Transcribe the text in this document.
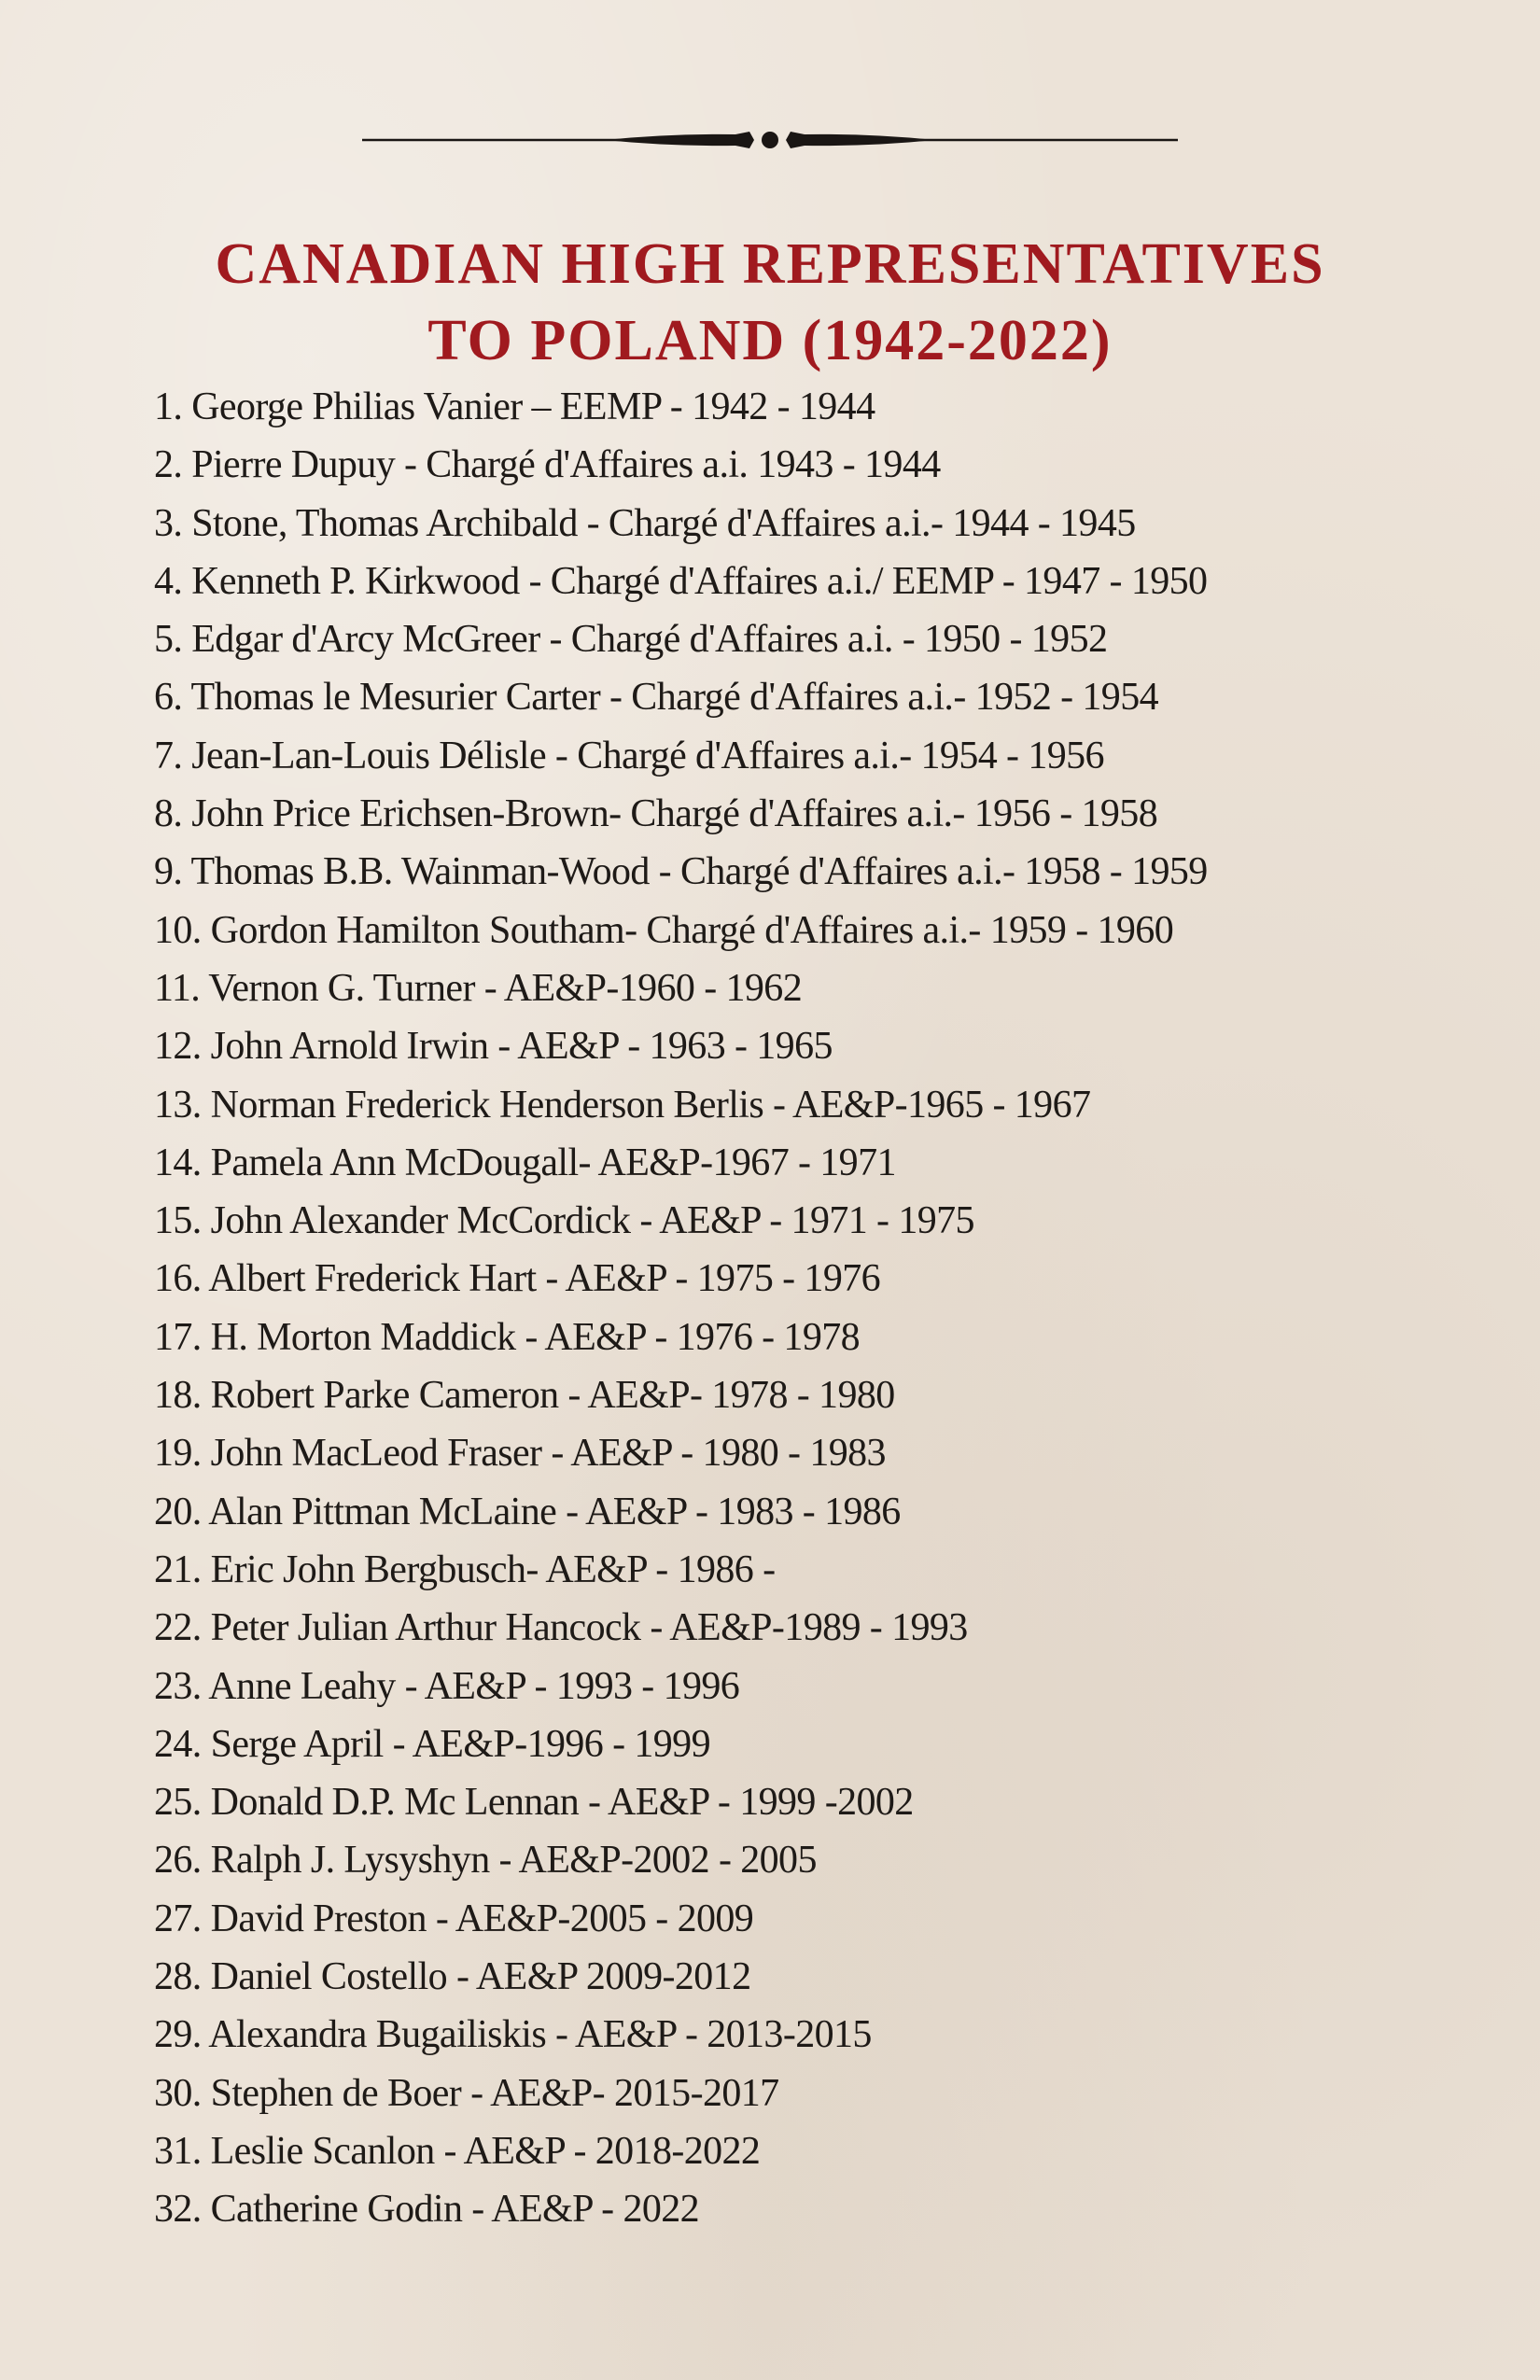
CANADIAN HIGH REPRESENTATIVES
TO POLAND (1942-2022)
1. George Philias Vanier – EEMP - 1942 - 1944
2. Pierre Dupuy - Chargé d'Affaires a.i. 1943 - 1944
3. Stone, Thomas Archibald - Chargé d'Affaires a.i.- 1944 - 1945
4. Kenneth P. Kirkwood - Chargé d'Affaires a.i./ EEMP - 1947 - 1950
5. Edgar d'Arcy McGreer - Chargé d'Affaires a.i. - 1950 - 1952
6. Thomas le Mesurier Carter - Chargé d'Affaires a.i.- 1952 - 1954
7. Jean-Lan-Louis Délisle - Chargé d'Affaires a.i.- 1954 - 1956
8. John Price Erichsen-Brown- Chargé d'Affaires a.i.- 1956 - 1958
9. Thomas B.B. Wainman-Wood - Chargé d'Affaires a.i.- 1958 - 1959
10. Gordon Hamilton Southam- Chargé d'Affaires a.i.- 1959 - 1960
11. Vernon G. Turner - AE&P-1960 - 1962
12. John Arnold Irwin - AE&P - 1963 - 1965
13. Norman Frederick Henderson Berlis - AE&P-1965 - 1967
14. Pamela Ann McDougall- AE&P-1967 - 1971
15. John Alexander McCordick - AE&P - 1971 - 1975
16. Albert Frederick Hart - AE&P - 1975 - 1976
17. H. Morton Maddick - AE&P - 1976 - 1978
18. Robert Parke Cameron - AE&P- 1978 - 1980
19. John MacLeod Fraser - AE&P - 1980 - 1983
20. Alan Pittman McLaine - AE&P - 1983 - 1986
21. Eric John Bergbusch- AE&P - 1986 -
22. Peter Julian Arthur Hancock - AE&P-1989 - 1993
23. Anne Leahy - AE&P - 1993 - 1996
24. Serge April - AE&P-1996 - 1999
25. Donald D.P. Mc Lennan - AE&P - 1999 -2002
26. Ralph J. Lysyshyn - AE&P-2002 - 2005
27. David Preston - AE&P-2005 - 2009
28. Daniel Costello - AE&P 2009-2012
29. Alexandra Bugailiskis - AE&P - 2013-2015
30. Stephen de Boer - AE&P- 2015-2017
31. Leslie Scanlon - AE&P - 2018-2022
32. Catherine Godin - AE&P - 2022
